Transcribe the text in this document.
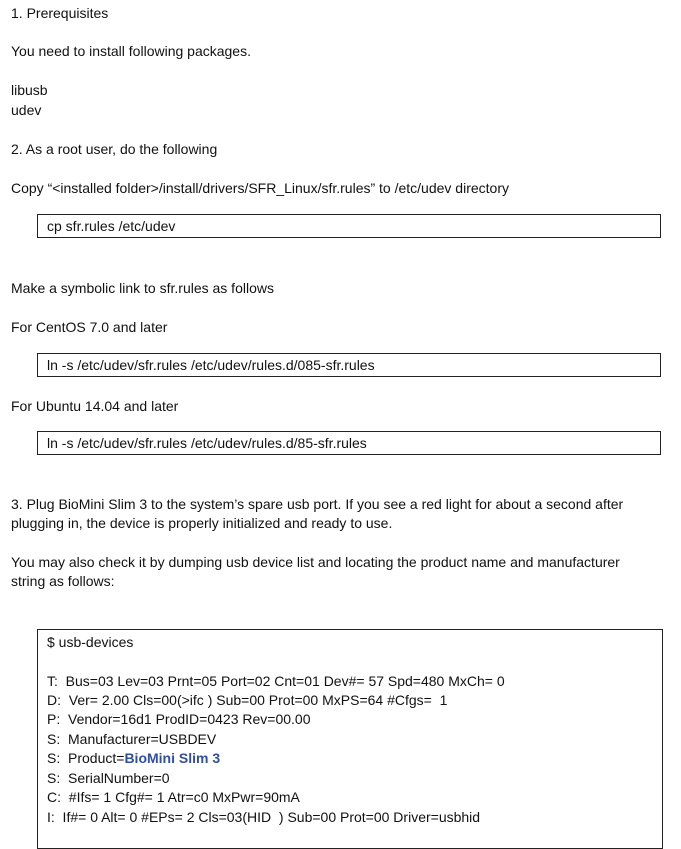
1. Prerequisites
You need to install following packages.
libusb
udev
2. As a root user, do the following
Copy “<installed folder>/install/drivers/SFR_Linux/sfr.rules” to /etc/udev directory
cp sfr.rules /etc/udev
Make a symbolic link to sfr.rules as follows
For CentOS 7.0 and later
ln -s /etc/udev/sfr.rules /etc/udev/rules.d/085-sfr.rules
For Ubuntu 14.04 and later
ln -s /etc/udev/sfr.rules /etc/udev/rules.d/85-sfr.rules
3. Plug BioMini Slim 3 to the system’s spare usb port. If you see a red light for about a second after
plugging in, the device is properly initialized and ready to use.
You may also check it by dumping usb device list and locating the product name and manufacturer
string as follows:
$ usb-devices
T:  Bus=03 Lev=03 Prnt=05 Port=02 Cnt=01 Dev#= 57 Spd=480 MxCh= 0
D:  Ver= 2.00 Cls=00(>ifc ) Sub=00 Prot=00 MxPS=64 #Cfgs=  1
P:  Vendor=16d1 ProdID=0423 Rev=00.00
S:  Manufacturer=USBDEV
S:  Product=BioMini Slim 3
S:  SerialNumber=0
C:  #Ifs= 1 Cfg#= 1 Atr=c0 MxPwr=90mA
I:  If#= 0 Alt= 0 #EPs= 2 Cls=03(HID  ) Sub=00 Prot=00 Driver=usbhid
